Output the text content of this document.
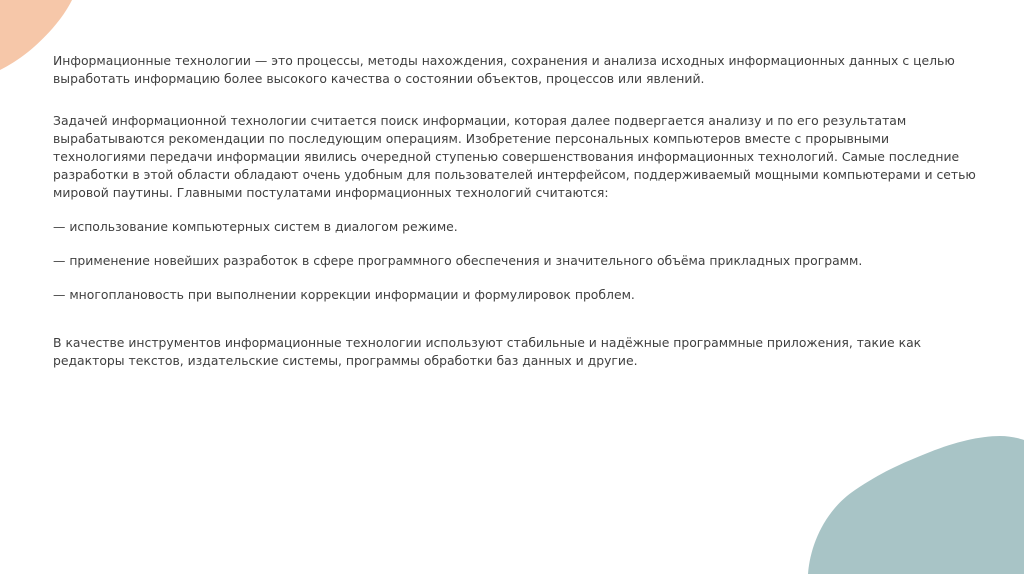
Информационные технологии — это процессы, методы нахождения, сохранения и анализа исходных информационных данных с целью выработать информацию более высокого качества о состоянии объектов, процессов или явлений.

Задачей информационной технологии считается поиск информации, которая далее подвергается анализу и по его результатам вырабатываются рекомендации по последующим операциям. Изобретение персональных компьютеров вместе с прорывными технологиями передачи информации явились очередной ступенью совершенствования информационных технологий. Самые последние разработки в этой области обладают очень удобным для пользователей интерфейсом, поддерживаемый мощными компьютерами и сетью мировой паутины. Главными постулатами информационных технологий считаются:

— использование компьютерных систем в диалогом режиме.

— применение новейших разработок в сфере программного обеспечения и значительного объёма прикладных программ.

— многоплановость при выполнении коррекции информации и формулировок проблем.

В качестве инструментов информационные технологии используют стабильные и надёжные программные приложения, такие как редакторы текстов, издательские системы, программы обработки баз данных и другие.
